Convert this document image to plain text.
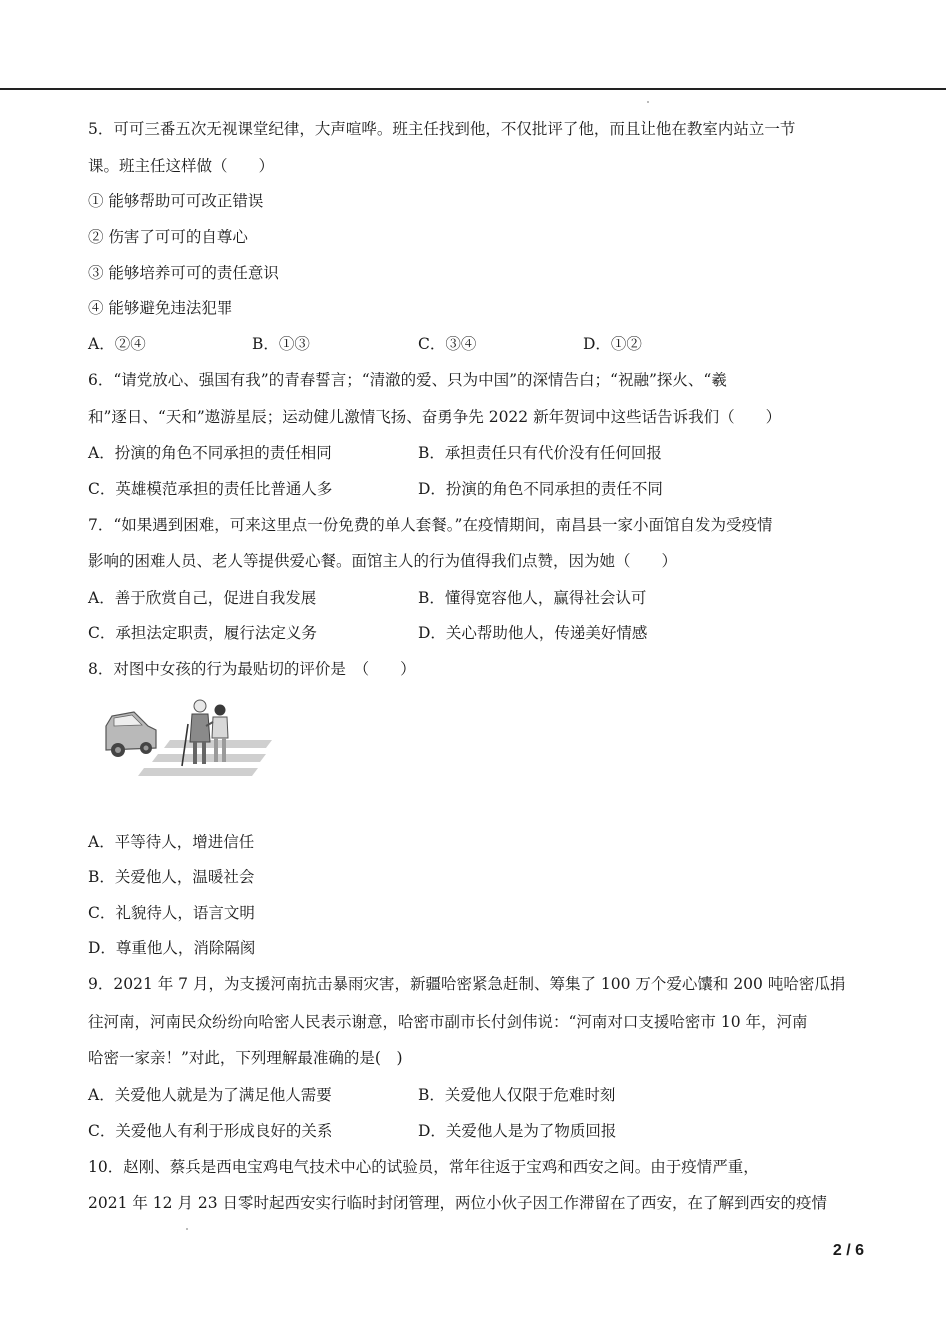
5．可可三番五次无视课堂纪律，大声喧哗。班主任找到他，不仅批评了他，而且让他在教室内站立一节
课。班主任这样做（　　）
① 能够帮助可可改正错误
② 伤害了可可的自尊心
③ 能够培养可可的责任意识
④ 能够避免违法犯罪
A．②④	B．①③	C．③④	D．①②
6．“请党放心、强国有我”的青春誓言；“清澈的爱、只为中国”的深情告白；“祝融”探火、“羲
和”逐日、“天和”遨游星辰；运动健儿激情飞扬、奋勇争先 2022 新年贺词中这些话告诉我们（　　）
A．扮演的角色不同承担的责任相同	B．承担责任只有代价没有任何回报
C．英雄模范承担的责任比普通人多	D．扮演的角色不同承担的责任不同
7．“如果遇到困难，可来这里点一份免费的单人套餐。”在疫情期间，南昌县一家小面馆自发为受疫情
影响的困难人员、老人等提供爱心餐。面馆主人的行为值得我们点赞，因为她（　　）
A．善于欣赏自己，促进自我发展	B．懂得宽容他人，赢得社会认可
C．承担法定职责，履行法定义务	D．关心帮助他人，传递美好情感
8．对图中女孩的行为最贴切的评价是　（　　）
A．平等待人，增进信任
B．关爱他人，温暖社会
C．礼貌待人，语言文明
D．尊重他人，消除隔阂
9．2021 年 7 月，为支援河南抗击暴雨灾害，新疆哈密紧急赶制、筹集了 100 万个爱心馕和 200 吨哈密瓜捐
往河南，河南民众纷纷向哈密人民表示谢意，哈密市副市长付剑伟说：“河南对口支援哈密市 10 年，河南
哈密一家亲！”对此，下列理解最准确的是(　)
A．关爱他人就是为了满足他人需要	B．关爱他人仅限于危难时刻
C．关爱他人有利于形成良好的关系	D．关爱他人是为了物质回报
10．赵刚、蔡兵是西电宝鸡电气技术中心的试验员，常年往返于宝鸡和西安之间。由于疫情严重，
2021 年 12 月 23 日零时起西安实行临时封闭管理，两位小伙子因工作滞留在了西安，在了解到西安的疫情
2 / 6
